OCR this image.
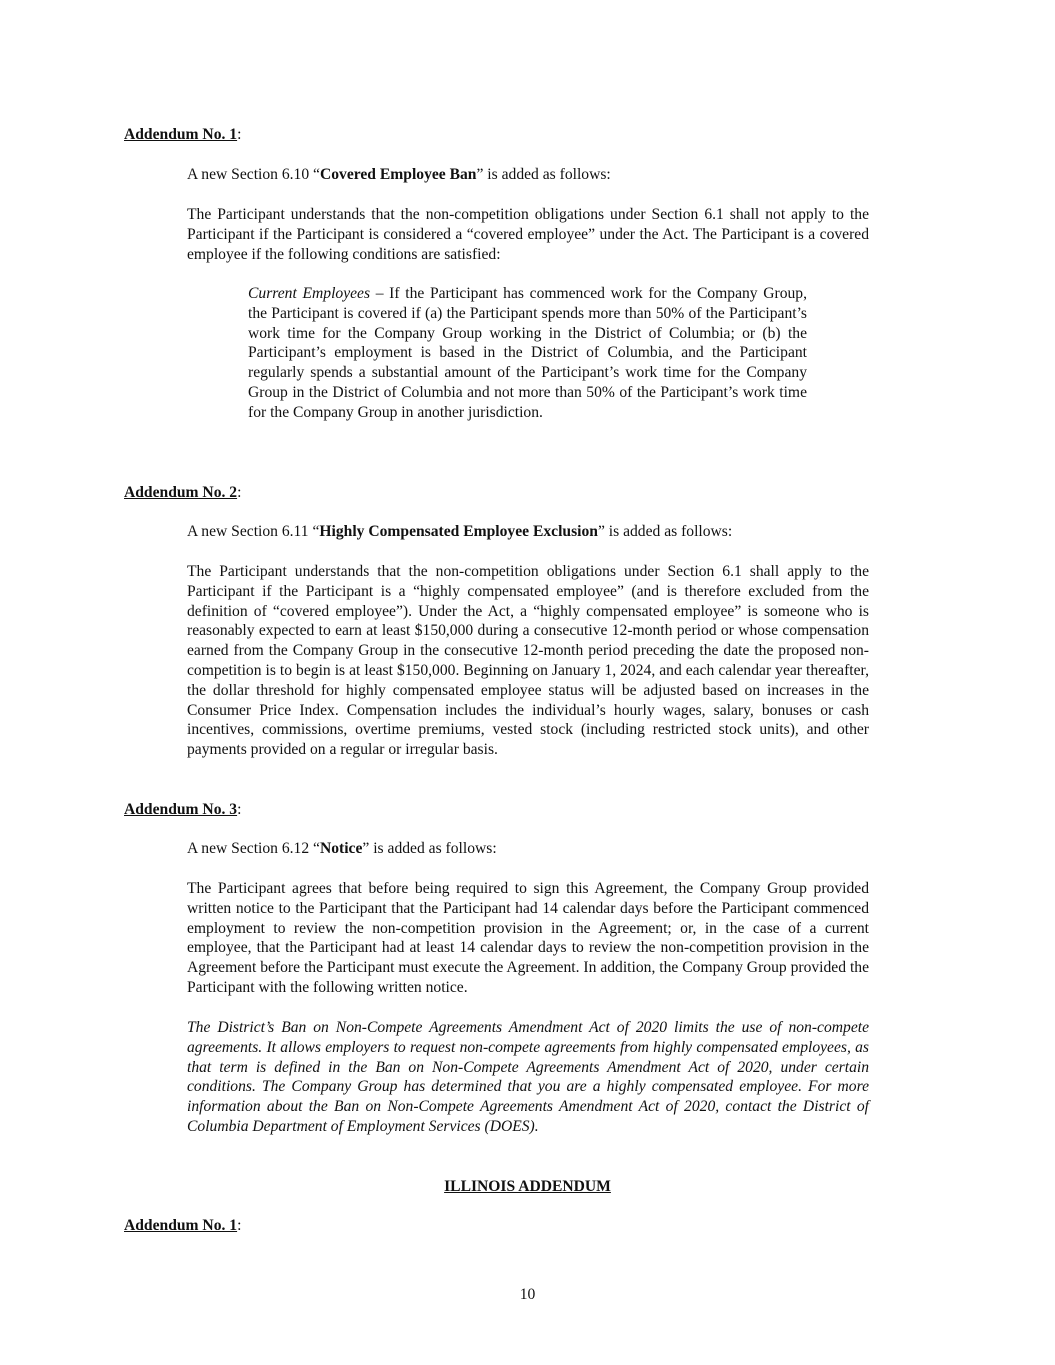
Addendum No. 1:

A new Section 6.10 “Covered Employee Ban” is added as follows:

The Participant understands that the non-competition obligations under Section 6.1 shall not apply to the Participant if the Participant is considered a “covered employee” under the Act. The Participant is a covered employee if the following conditions are satisfied:

Current Employees – If the Participant has commenced work for the Company Group, the Participant is covered if (a) the Participant spends more than 50% of the Participant’s work time for the Company Group working in the District of Columbia; or (b) the Participant’s employment is based in the District of Columbia, and the Participant regularly spends a substantial amount of the Participant’s work time for the Company Group in the District of Columbia and not more than 50% of the Participant’s work time for the Company Group in another jurisdiction.

Addendum No. 2:

A new Section 6.11 “Highly Compensated Employee Exclusion” is added as follows:

The Participant understands that the non-competition obligations under Section 6.1 shall apply to the Participant if the Participant is a “highly compensated employee” (and is therefore excluded from the definition of “covered employee”). Under the Act, a “highly compensated employee” is someone who is reasonably expected to earn at least $150,000 during a consecutive 12-month period or whose compensation earned from the Company Group in the consecutive 12-month period preceding the date the proposed non-competition is to begin is at least $150,000. Beginning on January 1, 2024, and each calendar year thereafter, the dollar threshold for highly compensated employee status will be adjusted based on increases in the Consumer Price Index. Compensation includes the individual’s hourly wages, salary, bonuses or cash incentives, commissions, overtime premiums, vested stock (including restricted stock units), and other payments provided on a regular or irregular basis.

Addendum No. 3:

A new Section 6.12 “Notice” is added as follows:

The Participant agrees that before being required to sign this Agreement, the Company Group provided written notice to the Participant that the Participant had 14 calendar days before the Participant commenced employment to review the non-competition provision in the Agreement; or, in the case of a current employee, that the Participant had at least 14 calendar days to review the non-competition provision in the Agreement before the Participant must execute the Agreement. In addition, the Company Group provided the Participant with the following written notice.

The District’s Ban on Non-Compete Agreements Amendment Act of 2020 limits the use of non-compete agreements. It allows employers to request non-compete agreements from highly compensated employees, as that term is defined in the Ban on Non-Compete Agreements Amendment Act of 2020, under certain conditions. The Company Group has determined that you are a highly compensated employee. For more information about the Ban on Non-Compete Agreements Amendment Act of 2020, contact the District of Columbia Department of Employment Services (DOES).

ILLINOIS ADDENDUM

Addendum No. 1:

10
